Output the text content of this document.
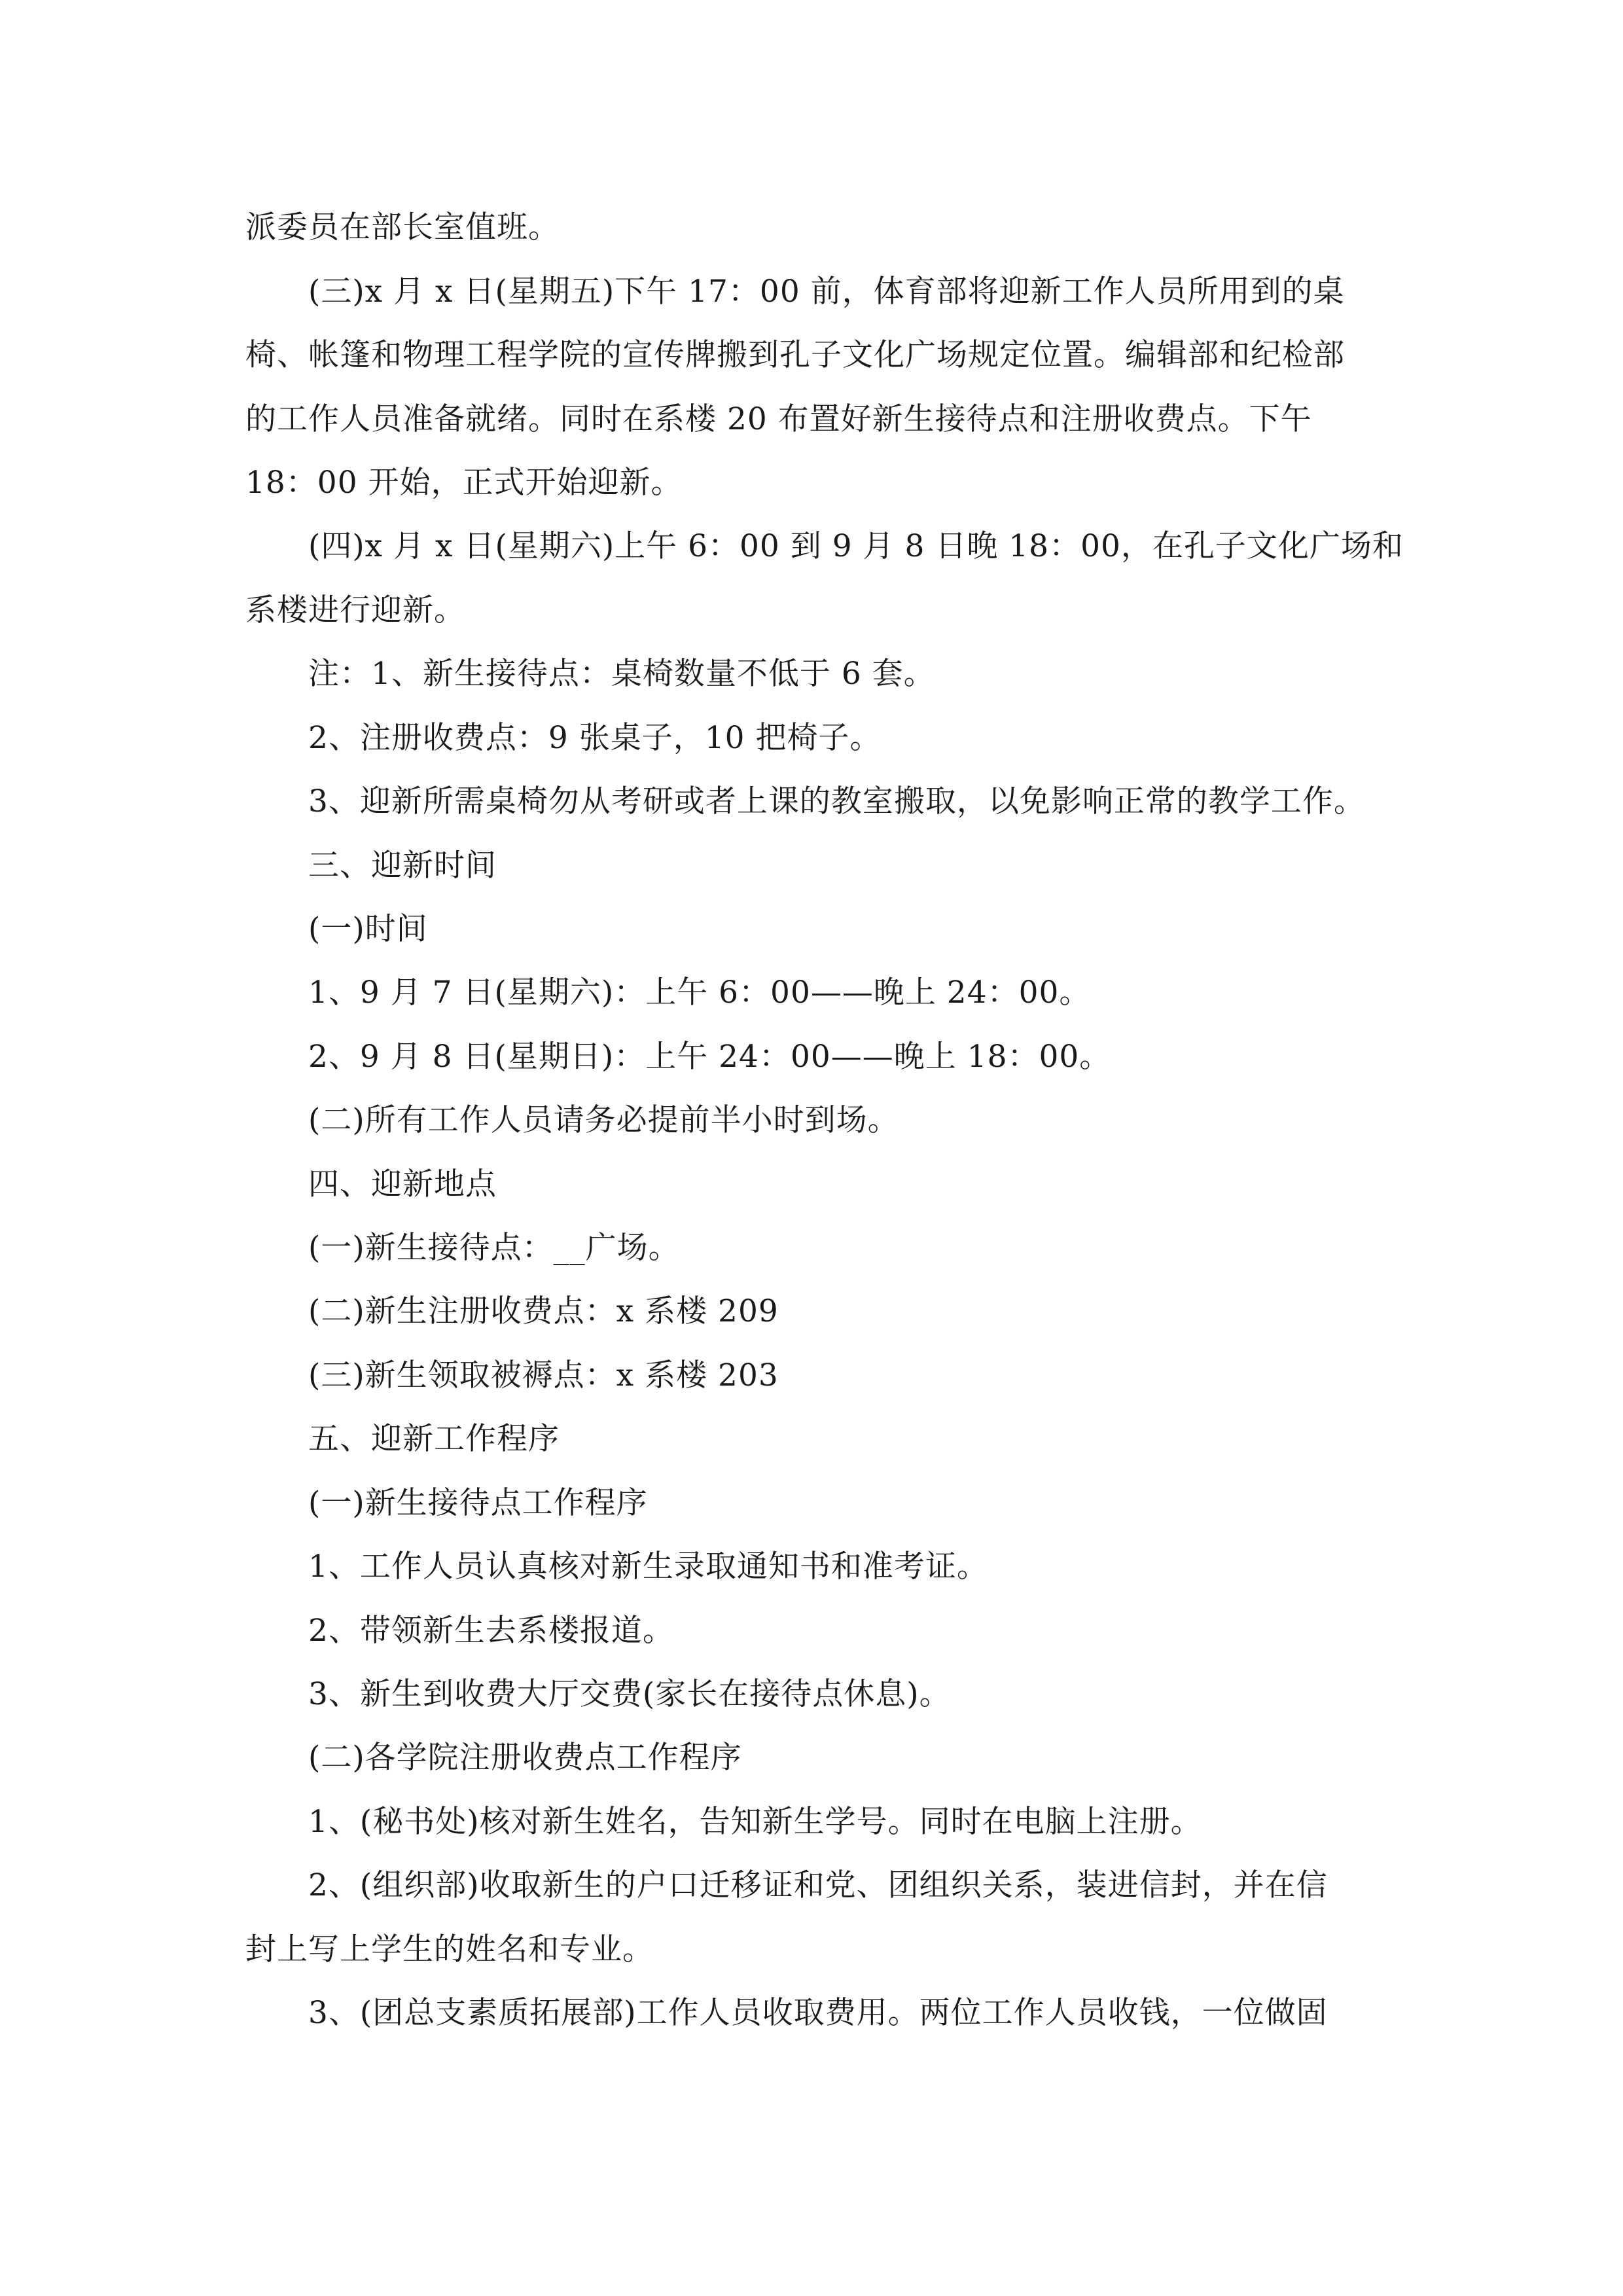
派委员在部长室值班。
(三)x 月 x 日(星期五)下午 17：00 前，体育部将迎新工作人员所用到的桌
椅、帐篷和物理工程学院的宣传牌搬到孔子文化广场规定位置。编辑部和纪检部
的工作人员准备就绪。同时在系楼 20 布置好新生接待点和注册收费点。下午
18：00 开始，正式开始迎新。
(四)x 月 x 日(星期六)上午 6：00 到 9 月 8 日晚 18：00，在孔子文化广场和
系楼进行迎新。
注：1、新生接待点：桌椅数量不低于 6 套。
2、注册收费点：9 张桌子，10 把椅子。
3、迎新所需桌椅勿从考研或者上课的教室搬取，以免影响正常的教学工作。
三、迎新时间
(一)时间
1、9 月 7 日(星期六)：上午 6：00——晚上 24：00。
2、9 月 8 日(星期日)：上午 24：00——晚上 18：00。
(二)所有工作人员请务必提前半小时到场。
四、迎新地点
(一)新生接待点：__广场。
(二)新生注册收费点：x 系楼 209
(三)新生领取被褥点：x 系楼 203
五、迎新工作程序
(一)新生接待点工作程序
1、工作人员认真核对新生录取通知书和准考证。
2、带领新生去系楼报道。
3、新生到收费大厅交费(家长在接待点休息)。
(二)各学院注册收费点工作程序
1、(秘书处)核对新生姓名，告知新生学号。同时在电脑上注册。
2、(组织部)收取新生的户口迁移证和党、团组织关系，装进信封，并在信
封上写上学生的姓名和专业。
3、(团总支素质拓展部)工作人员收取费用。两位工作人员收钱，一位做固
